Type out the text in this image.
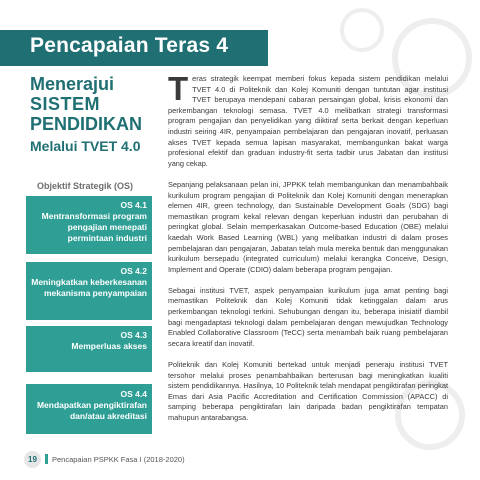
Pencapaian Teras 4
Menerajui
SISTEM
PENDIDIKAN
Melalui TVET 4.0
Objektif Strategik (OS)
OS 4.1
Mentransformasi program pengajian menepati permintaan industri
OS 4.2
Meningkatkan keberkesanan mekanisma penyampaian
OS 4.3
Memperluas akses
OS 4.4
Mendapatkan pengiktirafan dan/atau akreditasi

Teras strategik keempat memberi fokus kepada sistem pendidikan melalui TVET 4.0 di Politeknik dan Kolej Komuniti dengan tuntutan agar institusi TVET berupaya mendepani cabaran persaingan global, krisis ekonomi dan perkembangan teknologi semasa. TVET 4.0 melibatkan strategi transformasi program pengajian dan penyelidikan yang diiktiraf serta berkait dengan keperluan industri seiring 4IR, penyampaian pembelajaran dan pengajaran inovatif, perluasan akses TVET kepada semua lapisan masyarakat, membangunkan bakat warga profesional efektif dan graduan industry-fit serta tadbir urus Jabatan dan institusi yang cekap.

Sepanjang pelaksanaan pelan ini, JPPKK telah membangunkan dan menambahbaik kurikulum program pengajian di Politeknik dan Kolej Komuniti dengan menerapkan elemen 4IR, green technology, dan Sustainable Development Goals (SDG) bagi memastikan program kekal relevan dengan keperluan industri dan perubahan di peringkat global. Selain memperkasakan Outcome-based Education (OBE) melalui kaedah Work Based Learning (WBL) yang melibatkan industri di dalam proses pembelajaran dan pengajaran, Jabatan telah mula mereka bentuk dan menggunakan kurikulum bersepadu (integrated curriculum) melalui kerangka Conceive, Design, Implement and Operate (CDIO) dalam beberapa program pengajian.

Sebagai institusi TVET, aspek penyampaian kurikulum juga amat penting bagi memastikan Politeknik dan Kolej Komuniti tidak ketinggalan dalam arus perkembangan teknologi terkini. Sehubungan dengan itu, beberapa inisiatif diambil bagi mengadaptasi teknologi dalam pembelajaran dengan mewujudkan Technology Enabled Collaborative Classroom (TeCC) serta menambah baik ruang pembelajaran secara kreatif dan inovatif.

Politeknik dan Kolej Komuniti bertekad untuk menjadi peneraju institusi TVET tersohor melalui proses penambahbaikan berterusan bagi meningkatkan kualiti sistem pendidikannya. Hasilnya, 10 Politeknik telah mendapat pengiktirafan peringkat Emas dari Asia Pacific Accreditation and Certification Commission (APACC) di samping beberapa pengiktirafan lain daripada badan pengiktirafan tempatan mahupun antarabangsa.

19	Pencapaian PSPKK Fasa I (2018-2020)
